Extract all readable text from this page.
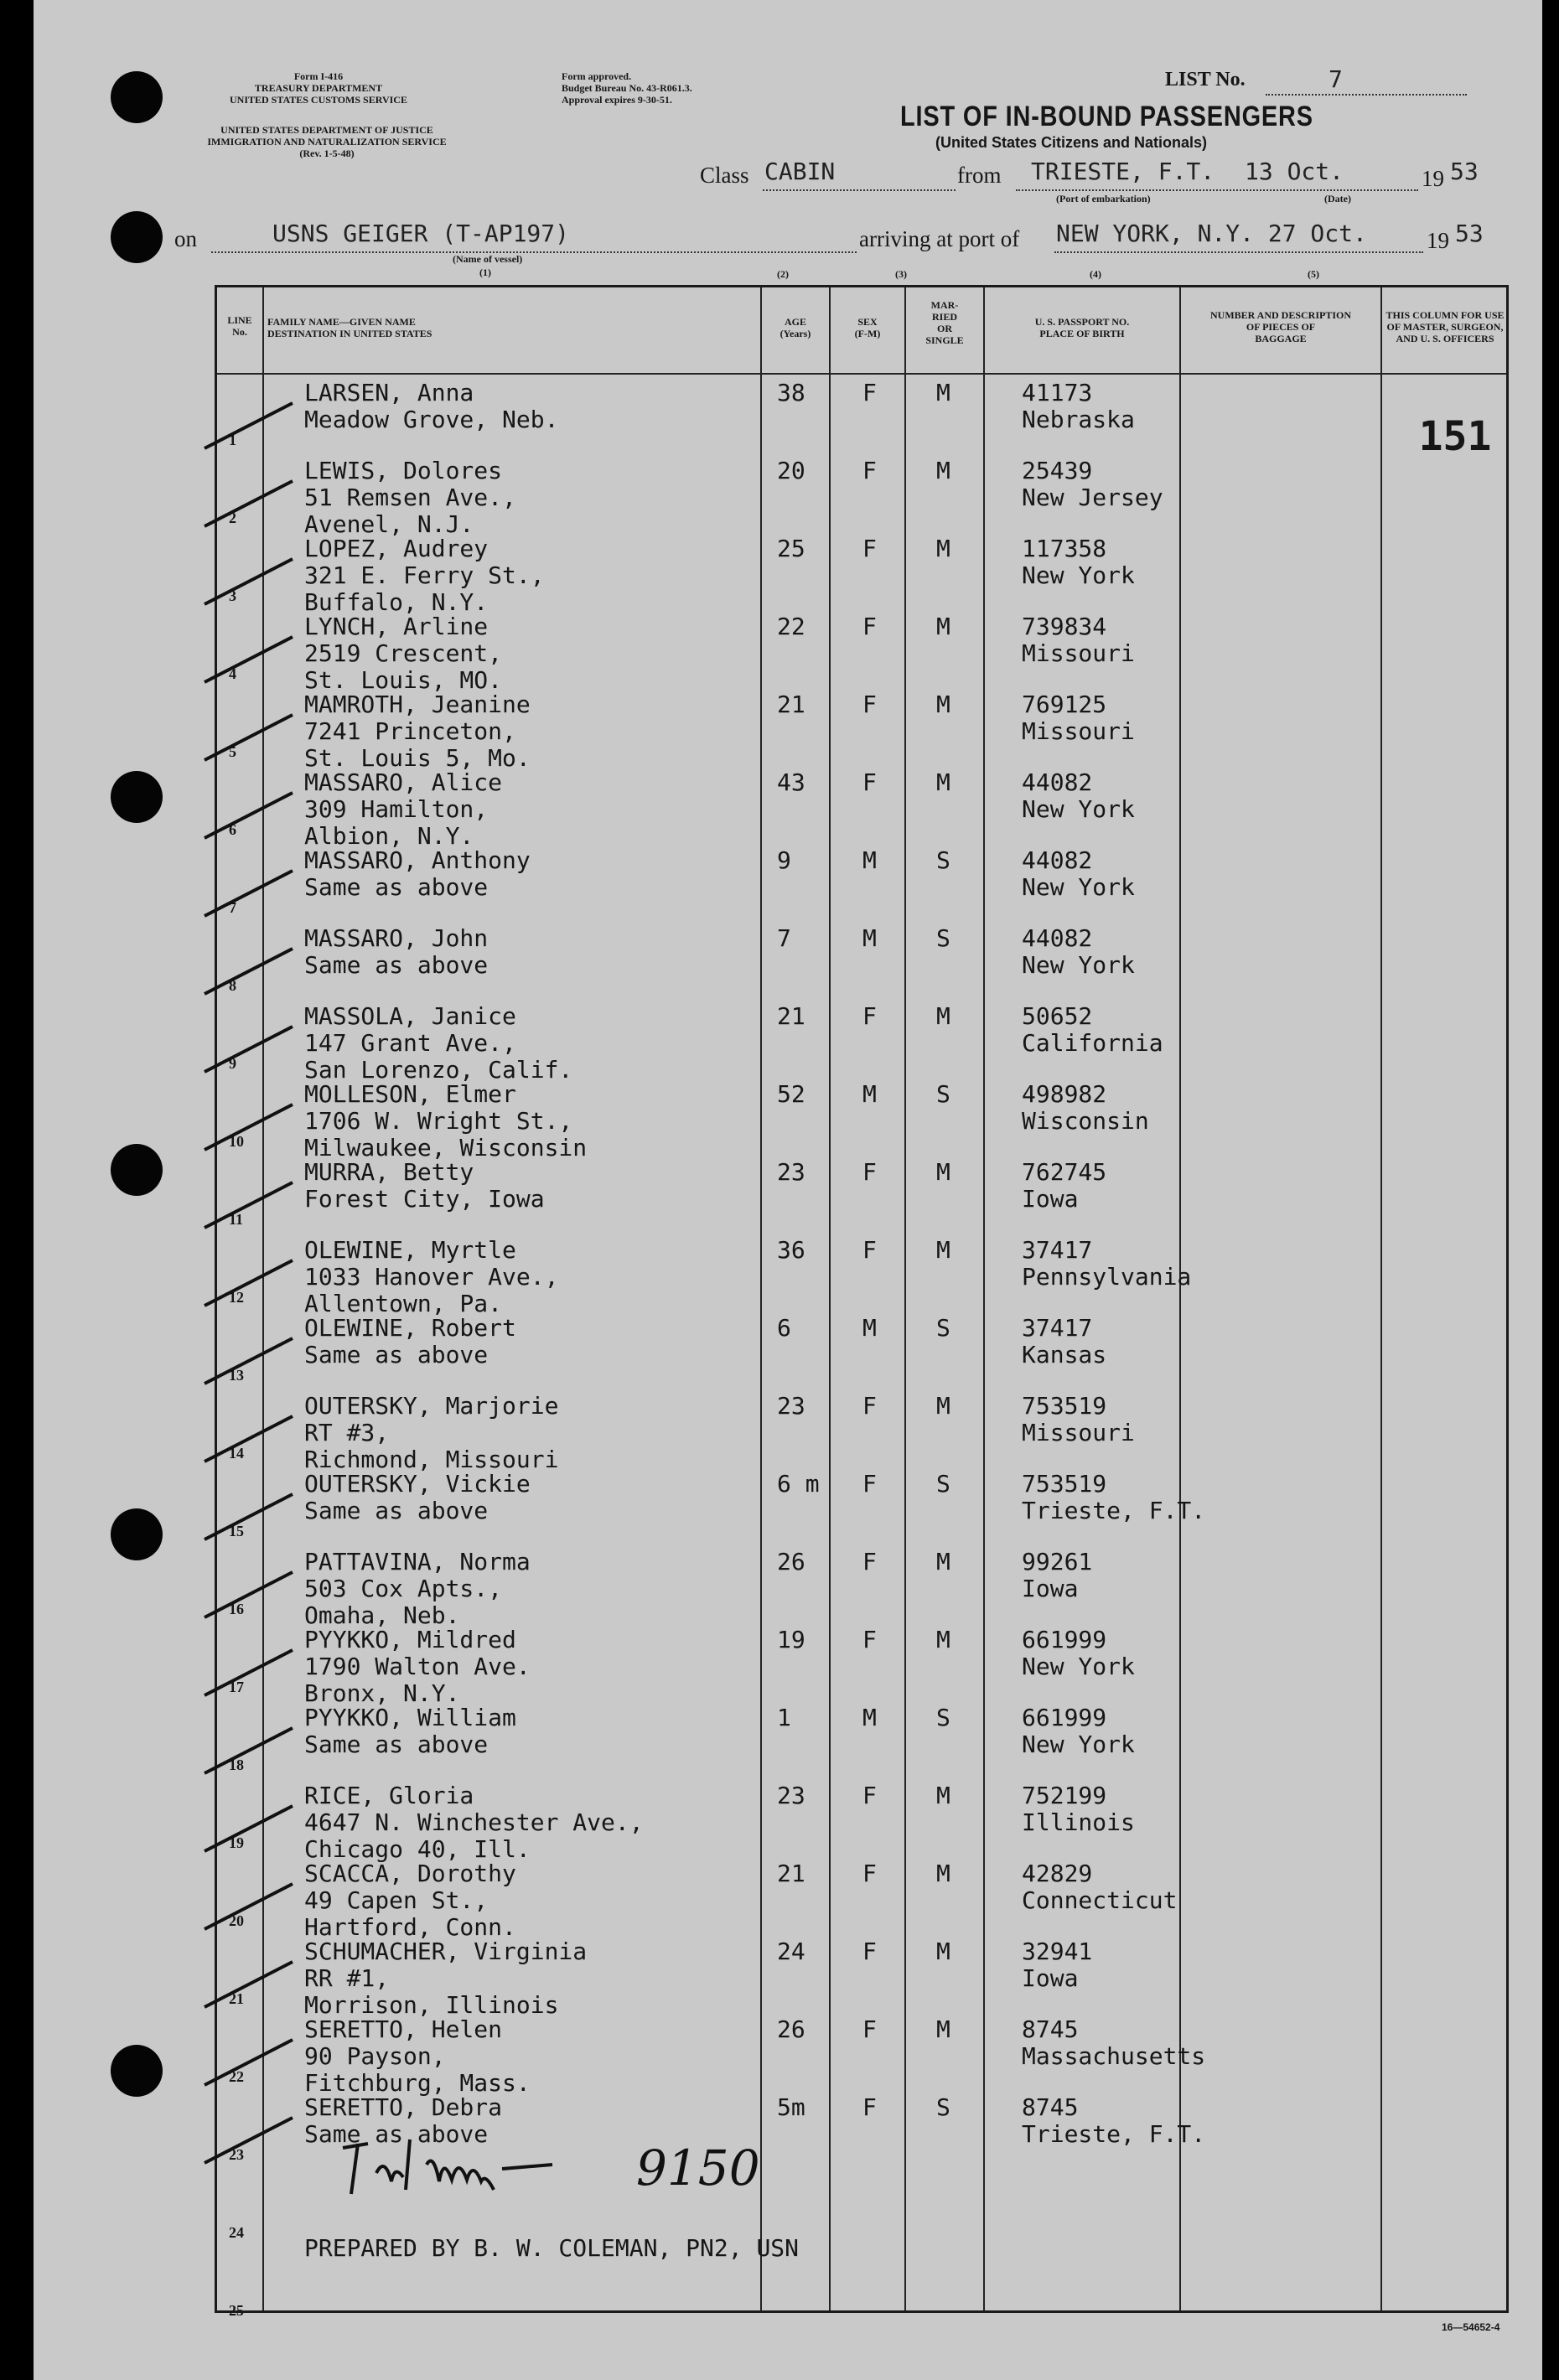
Form I-416
TREASURY DEPARTMENT
UNITED STATES CUSTOMS SERVICE
UNITED STATES DEPARTMENT OF JUSTICE
IMMIGRATION AND NATURALIZATION SERVICE
(Rev. 1-5-48)
Form approved.
Budget Bureau No. 43-R061.3.
Approval expires 9-30-51.
LIST No.	7
LIST OF IN-BOUND PASSENGERS
(United States Citizens and Nationals)
Class CABIN	from TRIESTE, F.T. 13 Oct.	19 53
(Port of embarkation)	(Date)
on	USNS GEIGER (T-AP197)
(Name of vessel)
(1)
arriving at port of NEW YORK, N.Y. 27 Oct.	19 53
(2)	(3)	(4)	(5)
LINE
No.
FAMILY NAME—GIVEN NAME
DESTINATION IN UNITED STATES
AGE
(Years)
SEX
(F-M)
MAR-
RIED
OR
SINGLE
U. S. PASSPORT NO.
PLACE OF BIRTH
NUMBER AND DESCRIPTION
OF PIECES OF
BAGGAGE
THIS COLUMN FOR USE
OF MASTER, SURGEON,
AND U. S. OFFICERS
151
1
LARSEN, Anna
Meadow Grove, Neb.
38 F	M	41173
Nebraska
2
LEWIS, Dolores
51 Remsen Ave.,
Avenel, N.J.
20 F	M	25439
New Jersey
3
LOPEZ, Audrey
321 E. Ferry St.,
Buffalo, N.Y.
25 F	M	117358
New York
4
LYNCH, Arline
2519 Crescent,
St. Louis, MO.
22 F	M	739834
Missouri
5
MAMROTH, Jeanine
7241 Princeton,
St. Louis 5, Mo.
21 F	M	769125
Missouri
6
MASSARO, Alice
309 Hamilton,
Albion, N.Y.
43 F	M	44082
New York
7
MASSARO, Anthony
Same as above
9	M	S	44082
New York
8
MASSARO, John
Same as above
7	M	S	44082
New York
9
MASSOLA, Janice
147 Grant Ave.,
San Lorenzo, Calif.
21 F	M	50652
California
10
MOLLESON, Elmer
1706 W. Wright St.,
Milwaukee, Wisconsin
52 M	S	498982
Wisconsin
11
MURRA, Betty
Forest City, Iowa
23 F	M	762745
Iowa
12
OLEWINE, Myrtle
1033 Hanover Ave.,
Allentown, Pa.
36 F	M	37417
Pennsylvania
13
OLEWINE, Robert
Same as above
6	M	S	37417
Kansas
14
OUTERSKY, Marjorie
RT #3,
Richmond, Missouri
23 F	M	753519
Missouri
15
OUTERSKY, Vickie
Same as above
6 m F	S	753519
Trieste, F.T.
16
PATTAVINA, Norma
503 Cox Apts.,
Omaha, Neb.
26 F	M	99261
Iowa
17
PYYKKO, Mildred
1790 Walton Ave.
Bronx, N.Y.
19 F	M	661999
New York
18
PYYKKO, William
Same as above
1	M	S	661999
New York
19
RICE, Gloria
4647 N. Winchester Ave.,
Chicago 40, Ill.
23 F	M	752199
Illinois
20
SCACCA, Dorothy
49 Capen St.,
Hartford, Conn.
21 F	M	42829
Connecticut
21
SCHUMACHER, Virginia
RR #1,
Morrison, Illinois
24 F	M	32941
Iowa
22
SERETTO, Helen
90 Payson,
Fitchburg, Mass.
26 F	M	8745
Massachusetts
23
SERETTO, Debra
Same as above
5m F	S	8745
Trieste, F.T.
24
25
9150
PREPARED BY B. W. COLEMAN, PN2, USN
16—54652-4
